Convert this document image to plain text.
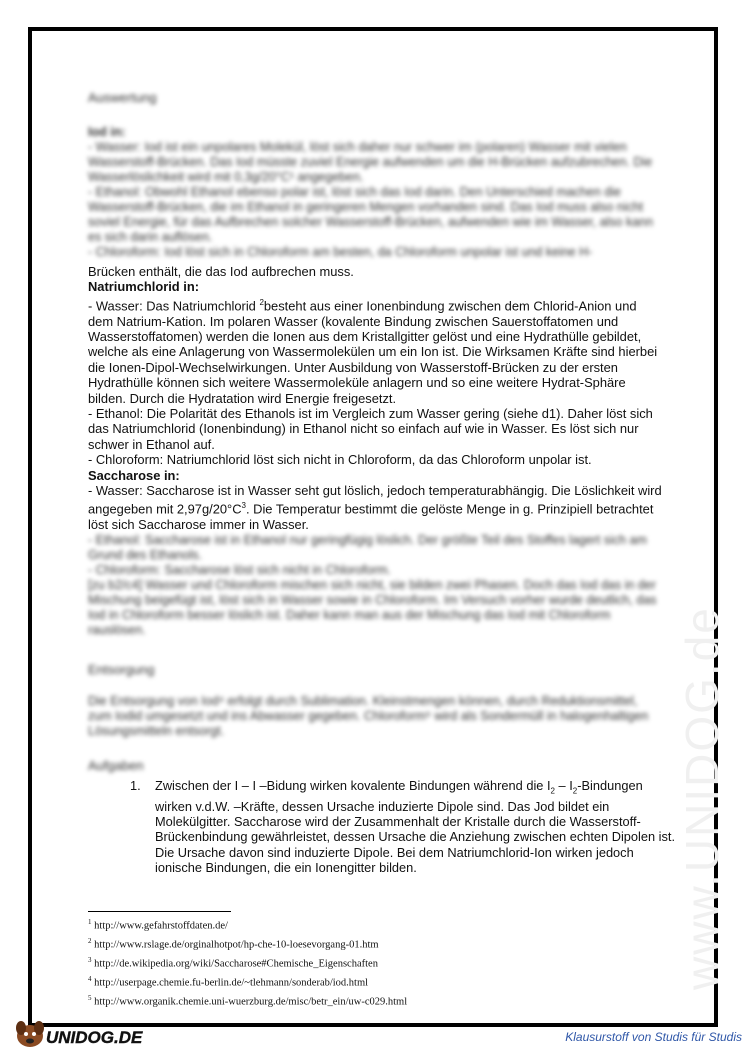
www.UNIDOG.de
Auswertung

Iod in:

- Wasser: Iod ist ein unpolares Molekül, löst sich daher nur schwer im (polaren) Wasser mit vielen Wasserstoff-Brücken. Das Iod müsste zuviel Energie aufwenden um die H-Brücken aufzubrechen. Die Wasserlöslichkeit wird mit 0,3g/20°C¹ angegeben.

- Ethanol: Obwohl Ethanol ebenso polar ist, löst sich das Iod darin. Den Unterschied machen die Wasserstoff-Brücken, die im Ethanol in geringeren Mengen vorhanden sind. Das Iod muss also nicht soviel Energie, für das Aufbrechen solcher Wasserstoff-Brücken, aufwenden wie im Wasser, also kann es sich darin auflösen.

- Chloroform: Iod löst sich in Chloroform am besten, da Chloroform unpolar ist und keine H-

Brücken enthält, die das Iod aufbrechen muss.

Natriumchlorid in:

- Wasser: Das Natriumchlorid $^2$besteht aus einer Ionenbindung zwischen dem Chlorid-Anion und dem Natrium-Kation. Im polaren Wasser (kovalente Bindung zwischen Sauerstoffatomen und Wasserstoffatomen) werden die Ionen aus dem Kristallgitter gelöst und eine Hydrathülle gebildet, welche als eine Anlagerung von Wassermolekülen um ein Ion ist. Die Wirksamen Kräfte sind hierbei die Ionen-Dipol-Wechselwirkungen. Unter Ausbildung von Wasserstoff-Brücken zu der ersten Hydrathülle können sich weitere Wassermoleküle anlagern und so eine weitere Hydrat-Sphäre bilden. Durch die Hydratation wird Energie freigesetzt.

- Ethanol: Die Polarität des Ethanols ist im Vergleich zum Wasser gering (siehe d1). Daher löst sich das Natriumchlorid (Ionenbindung) in Ethanol nicht so einfach auf wie in Wasser. Es löst sich nur schwer in Ethanol auf.

- Chloroform: Natriumchlorid löst sich nicht in Chloroform, da das Chloroform unpolar ist.

Saccharose in:

- Wasser: Saccharose ist in Wasser seht gut löslich, jedoch temperaturabhängig. Die Löslichkeit wird angegeben mit $2,97g/20^\circ C^3$. Die Temperatur bestimmt die gelöste Menge in g. Prinzipiell betrachtet löst sich Saccharose immer in Wasser.

- Ethanol: Saccharose ist in Ethanol nur geringfügig löslich. Der größte Teil des Stoffes lagert sich am Grund des Ethanols.

- Chloroform: Saccharose löst sich nicht in Chloroform.

[zu b2/c4] Wasser und Chloroform mischen sich nicht, sie bilden zwei Phasen. Doch das Iod das in der Mischung beigefügt ist, löst sich in Wasser sowie in Chloroform. Im Versuch vorher wurde deutlich, das Iod in Chloroform besser löslich ist. Daher kann man aus der Mischung das Iod mit Chloroform rauslösen.

Entsorgung
Die Entsorgung von Iod⁴ erfolgt durch Sublimation. Kleinstmengen können, durch Reduktionsmittel, zum Iodid umgesetzt und ins Abwasser gegeben. Chloroform⁵ wird als Sondermüll in halogenhaltigen Lösungsmitteln entsorgt.
Aufgaben
1. Zwischen der I – I –Bidung wirken kovalente Bindungen während die $I_2$ – $I_2$-Bindungen wirken v.d.W. –Kräfte, dessen Ursache induzierte Dipole sind. Das Jod bildet ein Molekülgitter. Saccharose wird der Zusammenhalt der Kristalle durch die Wasserstoff-Brückenbindung gewährleistet, dessen Ursache die Anziehung zwischen echten Dipolen ist. Die Ursache davon sind induzierte Dipole. Bei dem Natriumchlorid-Ion wirken jedoch ionische Bindungen, die ein Ionengitter bilden.
$^1$ http://www.gefahrstoffdaten.de/
$^2$ http://www.rslage.de/orginalhotpot/hp-che-10-loesevorgang-01.htm
$^3$ http://de.wikipedia.org/wiki/Saccharose#Chemische_Eigenschaften
$^4$ http://userpage.chemie.fu-berlin.de/~tlehmann/sonderab/iod.html
$^5$ http://www.organik.chemie.uni-wuerzburg.de/misc/betr_ein/uw-c029.html
UNIDOG.DE	Klausurstoff von Studis für Studis
